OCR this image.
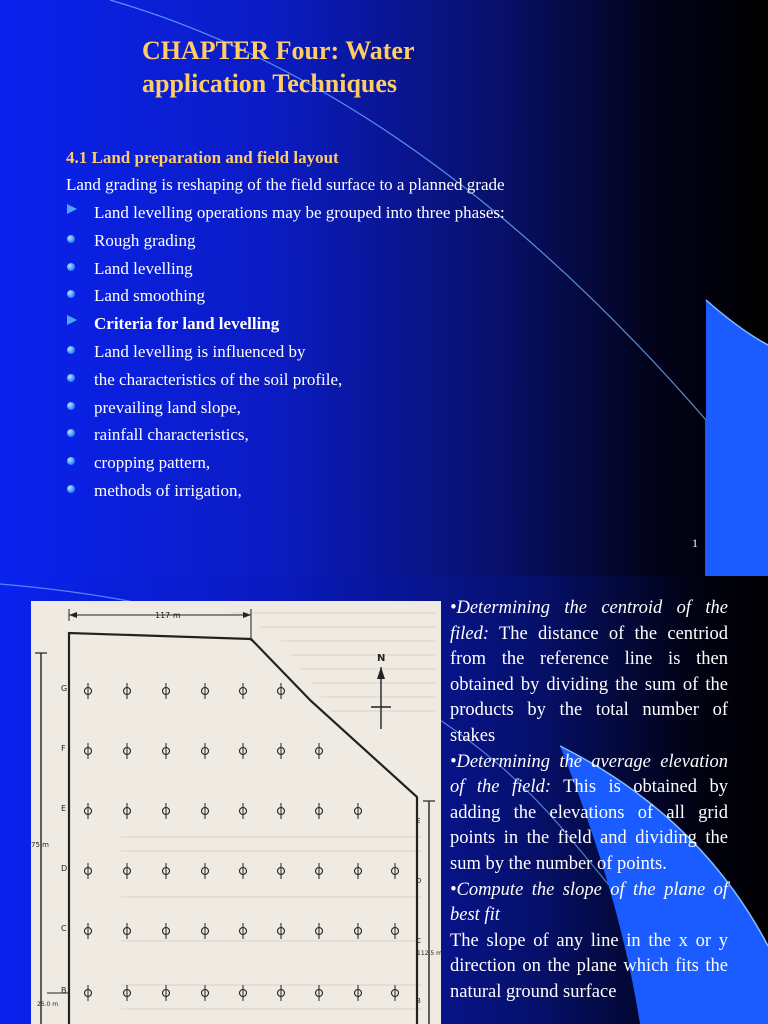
CHAPTER Four: Water
application Techniques
4.1 Land preparation and field layout
Land grading is reshaping of the field surface to a planned grade
Land levelling operations may be grouped into three phases:
Rough grading
Land levelling
Land smoothing
Criteria for land levelling
Land levelling is influenced by
the characteristics of the soil profile,
prevailing land slope,
rainfall characteristics,
cropping pattern,
methods of irrigation,
1
117 m
N
G
F
E
D
C
B
E
D
C
B
75 m
112.5 m
25.0 m

•Determining the centroid of the filed: The distance of the centriod from the reference line is then obtained by dividing the sum of the products by the total number of stakes

•Determining the average elevation of the field: This is obtained by adding the elevations of all grid points in the field and dividing the sum by the number of points.

•Compute the slope of the plane of best fit

The slope of any line in the x or y direction on the plane which fits the natural ground surface
